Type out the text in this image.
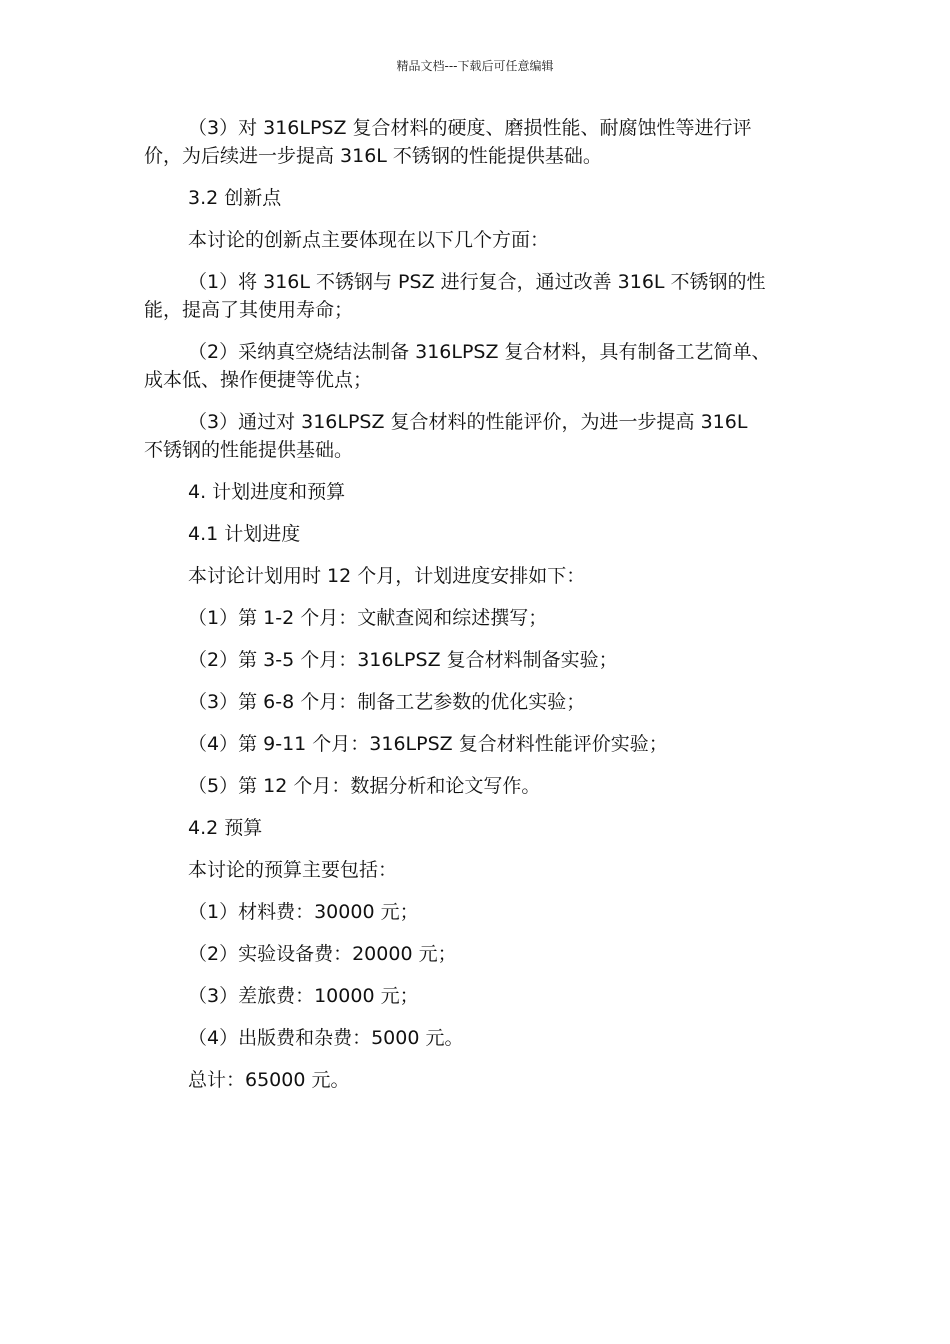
精品文档---下载后可任意编辑

（3）对 316LPSZ 复合材料的硬度、磨损性能、耐腐蚀性等进行评
价，为后续进一步提高 316L 不锈钢的性能提供基础。

3.2 创新点

本讨论的创新点主要体现在以下几个方面：

（1）将 316L 不锈钢与 PSZ 进行复合，通过改善 316L 不锈钢的性
能，提高了其使用寿命；

（2）采纳真空烧结法制备 316LPSZ 复合材料，具有制备工艺简单、
成本低、操作便捷等优点；

（3）通过对 316LPSZ 复合材料的性能评价，为进一步提高 316L
不锈钢的性能提供基础。

4. 计划进度和预算

4.1 计划进度

本讨论计划用时 12 个月，计划进度安排如下：

（1）第 1-2 个月：文献查阅和综述撰写；

（2）第 3-5 个月：316LPSZ 复合材料制备实验；

（3）第 6-8 个月：制备工艺参数的优化实验；

（4）第 9-11 个月：316LPSZ 复合材料性能评价实验；

（5）第 12 个月：数据分析和论文写作。

4.2 预算

本讨论的预算主要包括：

（1）材料费：30000 元；

（2）实验设备费：20000 元；

（3）差旅费：10000 元；

（4）出版费和杂费：5000 元。

总计：65000 元。
